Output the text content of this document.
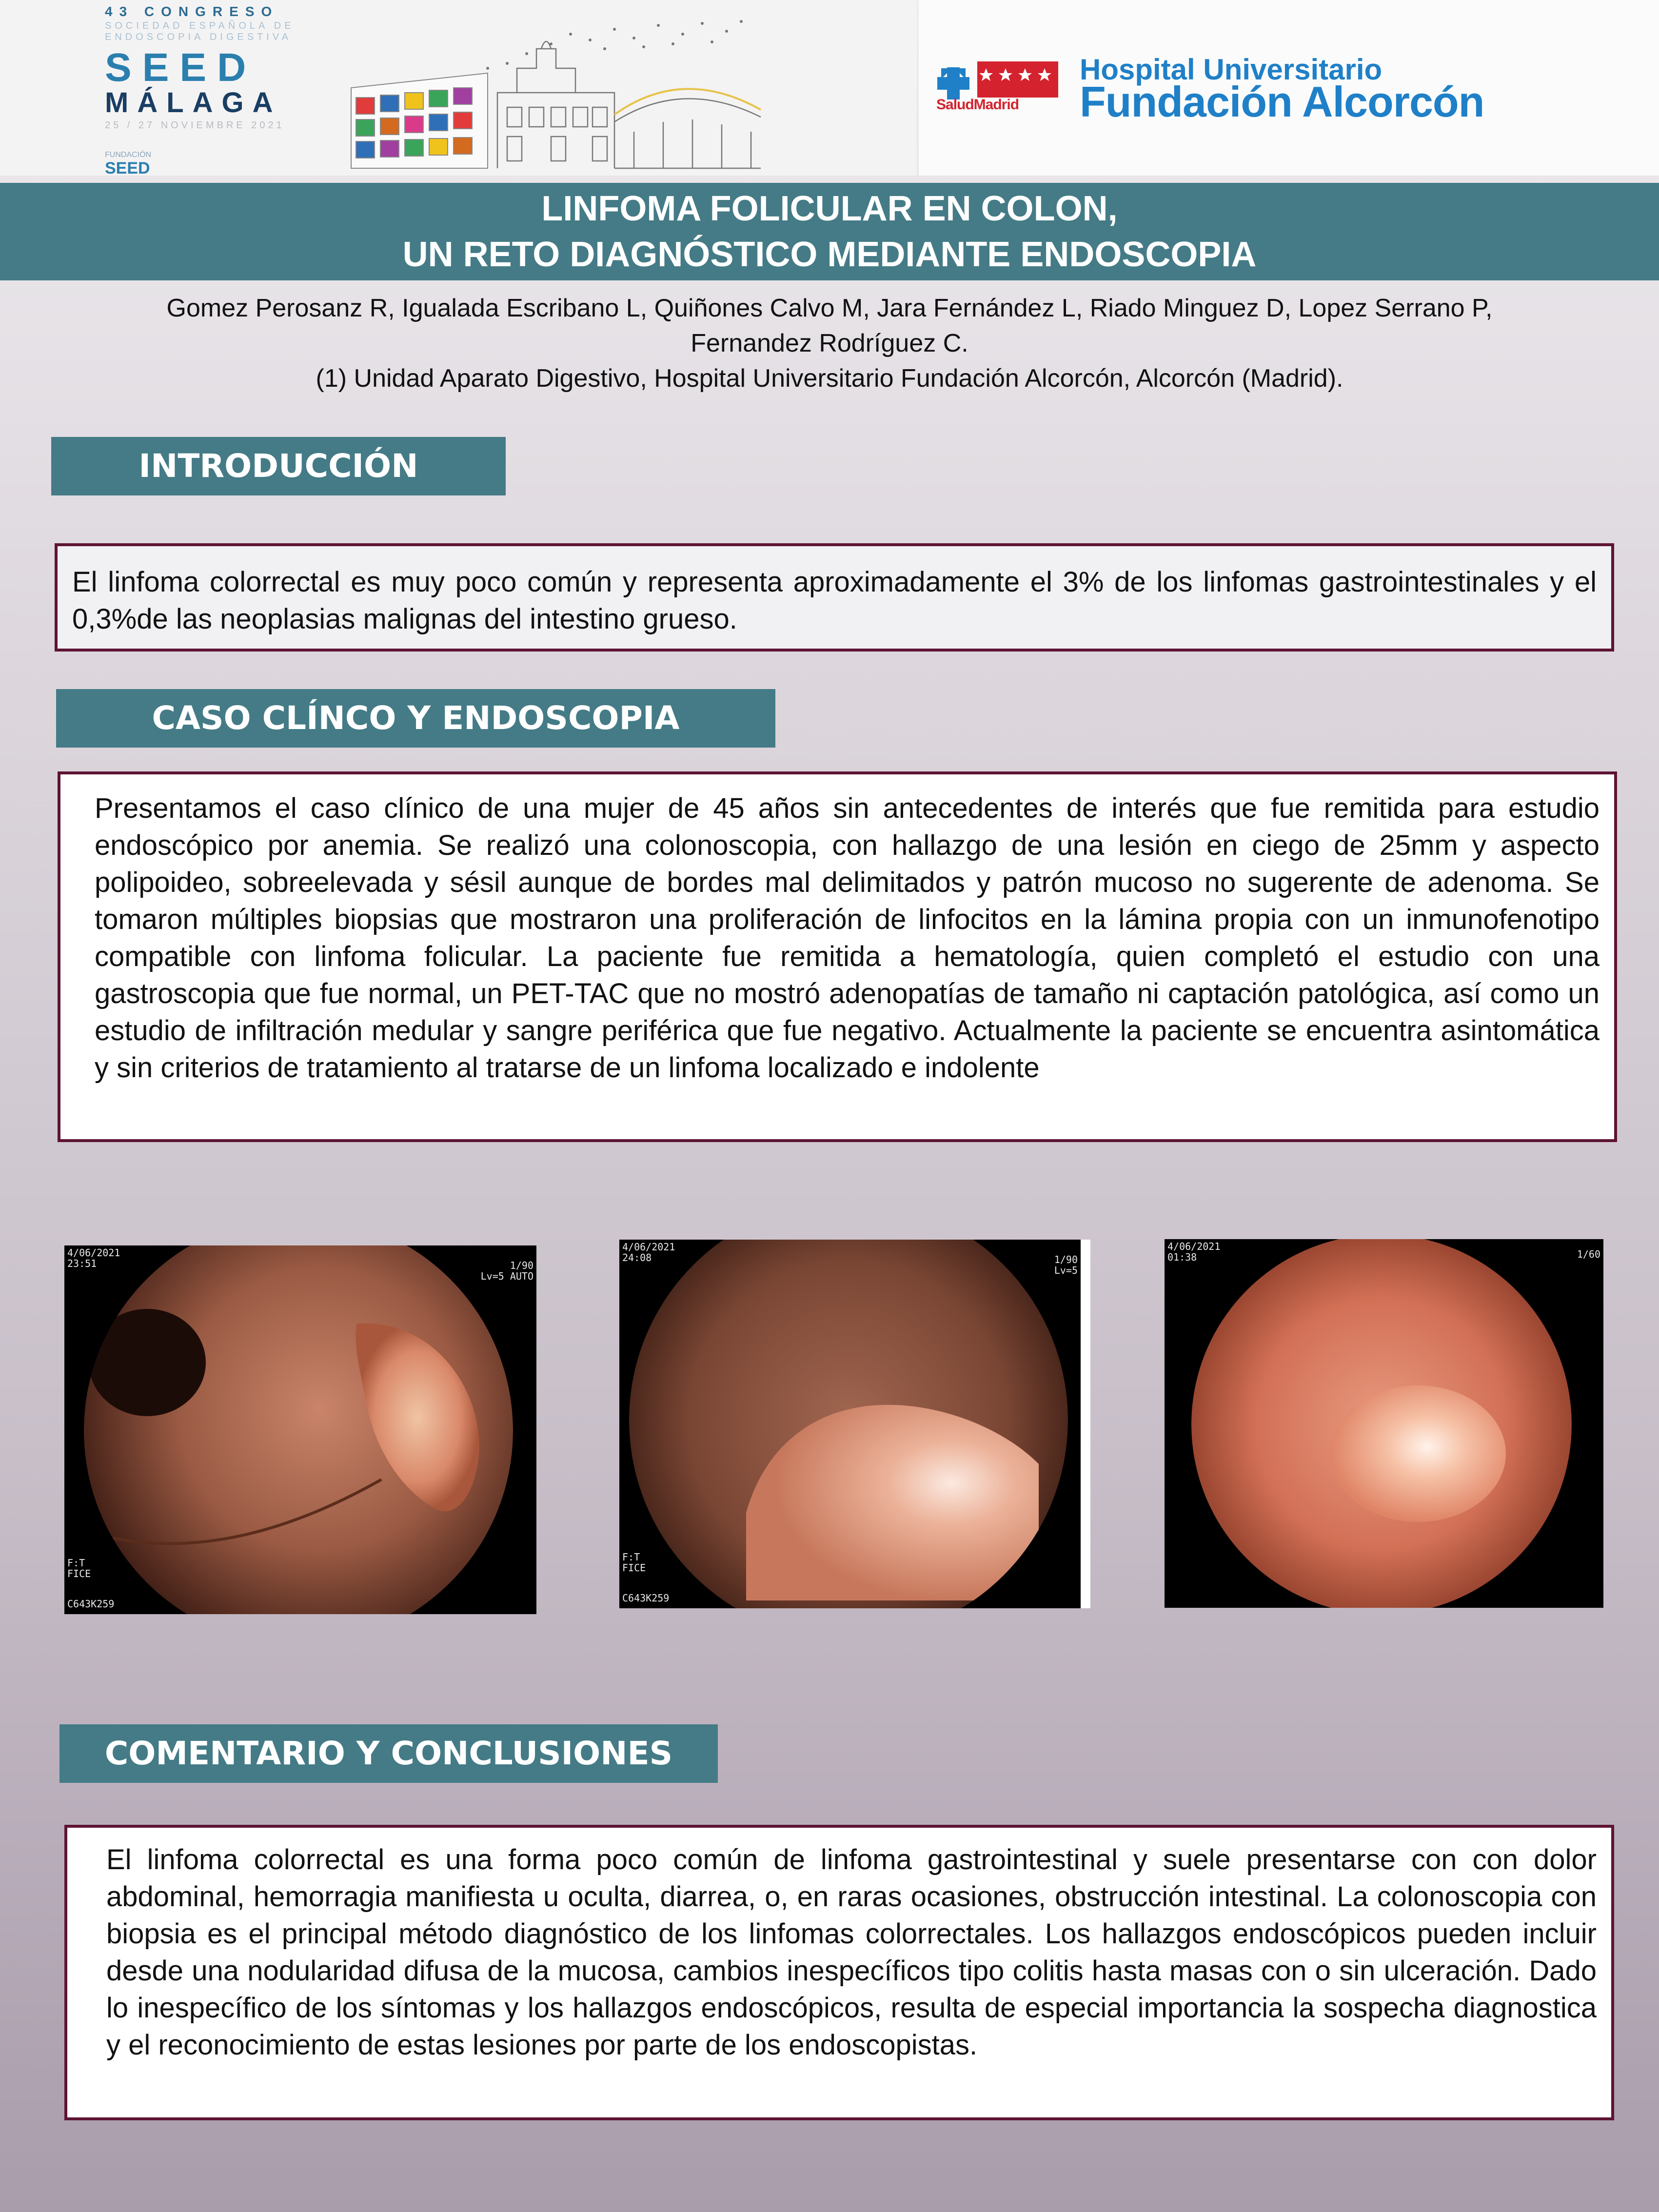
43 CONGRESO
SOCIEDAD ESPAÑOLA DE ENDOSCOPIA DIGESTIVA
SEED
MÁLAGA
25 / 27 NOVIEMBRE 2021
FUNDACIÓN
SEED
SaludMadrid
Hospital Universitario
Fundación Alcorcón
LINFOMA FOLICULAR EN COLON,
UN RETO DIAGNÓSTICO MEDIANTE ENDOSCOPIA
Gomez Perosanz R, Igualada Escribano L, Quiñones Calvo M, Jara Fernández L, Riado Minguez D, Lopez Serrano P,
Fernandez Rodríguez C.
(1) Unidad Aparato Digestivo, Hospital Universitario Fundación Alcorcón, Alcorcón (Madrid).
INTRODUCCIÓN
El linfoma colorrectal es muy poco común y representa aproximadamente el 3% de los linfomas gastrointestinales y el 0,3%de las neoplasias malignas del intestino grueso.
CASO CLÍNCO Y ENDOSCOPIA
Presentamos el caso clínico de una mujer de 45 años sin antecedentes de interés que fue remitida para estudio endoscópico por anemia. Se realizó una colonoscopia, con hallazgo de una lesión en ciego de 25mm y aspecto polipoideo, sobreelevada y sésil aunque de bordes mal delimitados y patrón mucoso no sugerente de adenoma. Se tomaron múltiples biopsias que mostraron una proliferación de linfocitos en la lámina propia con un inmunofenotipo compatible con linfoma folicular. La paciente fue remitida a hematología, quien completó el estudio con una gastroscopia que fue normal, un PET-TAC que no mostró adenopatías de tamaño ni captación patológica, así como un estudio de infiltración medular y sangre periférica que fue negativo. Actualmente la paciente se encuentra asintomática y sin criterios de tratamiento al tratarse de un linfoma localizado e indolente
4/06/2021
23:51	1/90
Lv=5 AUTO
F:T
FICE
C643K259
4/06/2021
24:08	1/90
Lv=5
F:T
FICE
C643K259
4/06/2021
01:38	1/60
COMENTARIO Y CONCLUSIONES
El linfoma colorrectal es una forma poco común de linfoma gastrointestinal y suele presentarse con con dolor abdominal, hemorragia manifiesta u oculta, diarrea, o, en raras ocasiones, obstrucción intestinal. La colonoscopia con biopsia es el principal método diagnóstico de los linfomas colorrectales. Los hallazgos endoscópicos pueden incluir desde una nodularidad difusa de la mucosa, cambios inespecíficos tipo colitis hasta masas con o sin ulceración. Dado lo inespecífico de los síntomas y los hallazgos endoscópicos, resulta de especial importancia la sospecha diagnostica y el reconocimiento de estas lesiones por parte de los endoscopistas.
